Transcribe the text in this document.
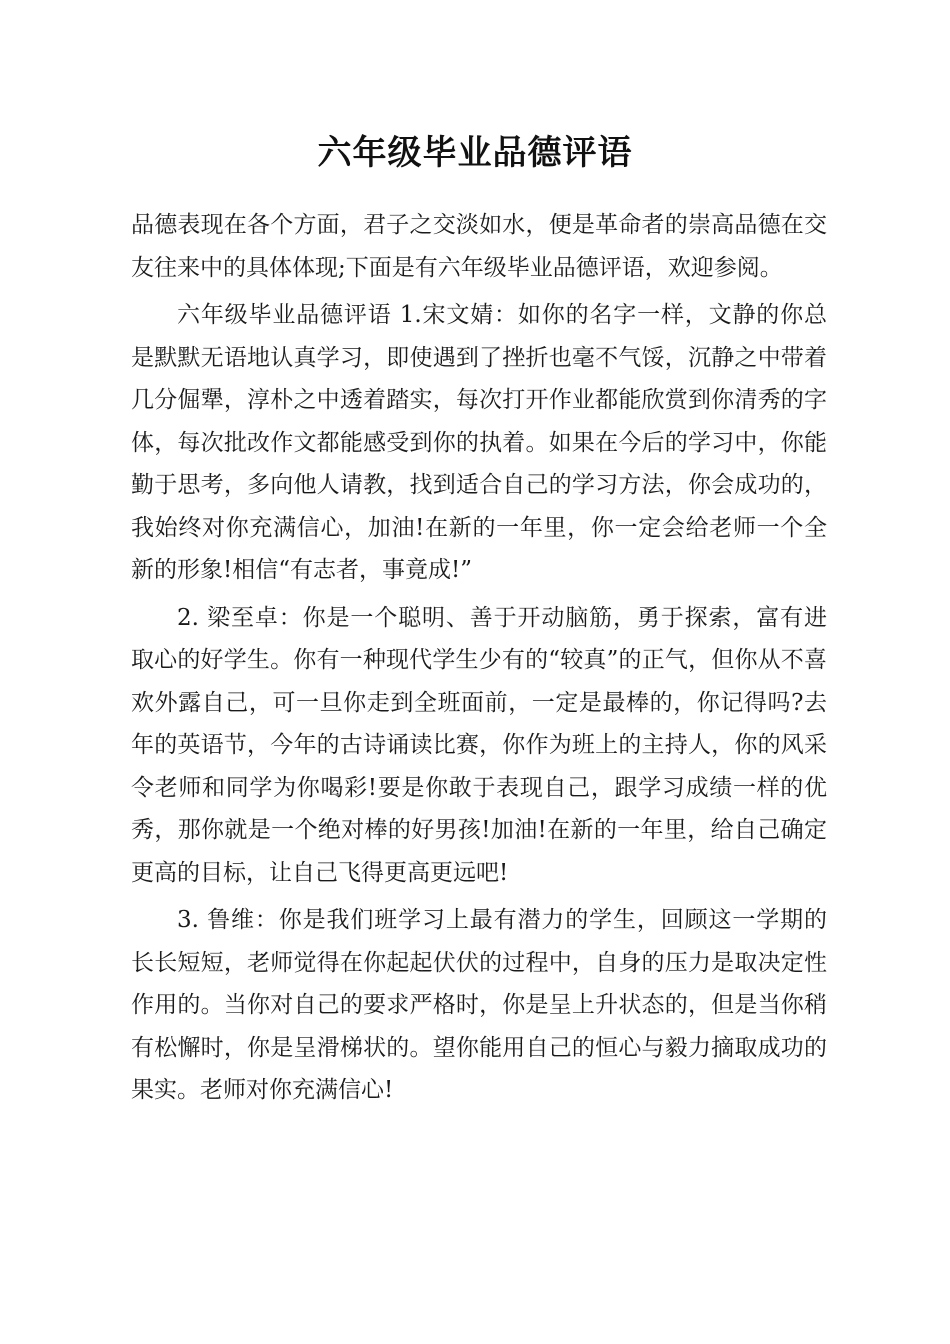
六年级毕业品德评语

品德表现在各个方面，君子之交淡如水，便是革命者的崇高品德在交友往来中的具体体现;下面是有六年级毕业品德评语，欢迎参阅。

六年级毕业品德评语 1.宋文婧：如你的名字一样，文静的你总是默默无语地认真学习，即使遇到了挫折也毫不气馁，沉静之中带着几分倔犟，淳朴之中透着踏实，每次打开作业都能欣赏到你清秀的字体，每次批改作文都能感受到你的执着。如果在今后的学习中，你能勤于思考，多向他人请教，找到适合自己的学习方法，你会成功的，我始终对你充满信心，加油!在新的一年里，你一定会给老师一个全新的形象!相信“有志者，事竟成!”

2. 梁至卓：你是一个聪明、善于开动脑筋，勇于探索，富有进取心的好学生。你有一种现代学生少有的“较真”的正气，但你从不喜欢外露自己，可一旦你走到全班面前，一定是最棒的，你记得吗?去年的英语节，今年的古诗诵读比赛，你作为班上的主持人，你的风采令老师和同学为你喝彩!要是你敢于表现自己，跟学习成绩一样的优秀，那你就是一个绝对棒的好男孩!加油!在新的一年里，给自己确定更高的目标，让自己飞得更高更远吧!

3. 鲁维：你是我们班学习上最有潜力的学生，回顾这一学期的长长短短，老师觉得在你起起伏伏的过程中，自身的压力是取决定性作用的。当你对自己的要求严格时，你是呈上升状态的，但是当你稍有松懈时，你是呈滑梯状的。望你能用自己的恒心与毅力摘取成功的果实。老师对你充满信心!
